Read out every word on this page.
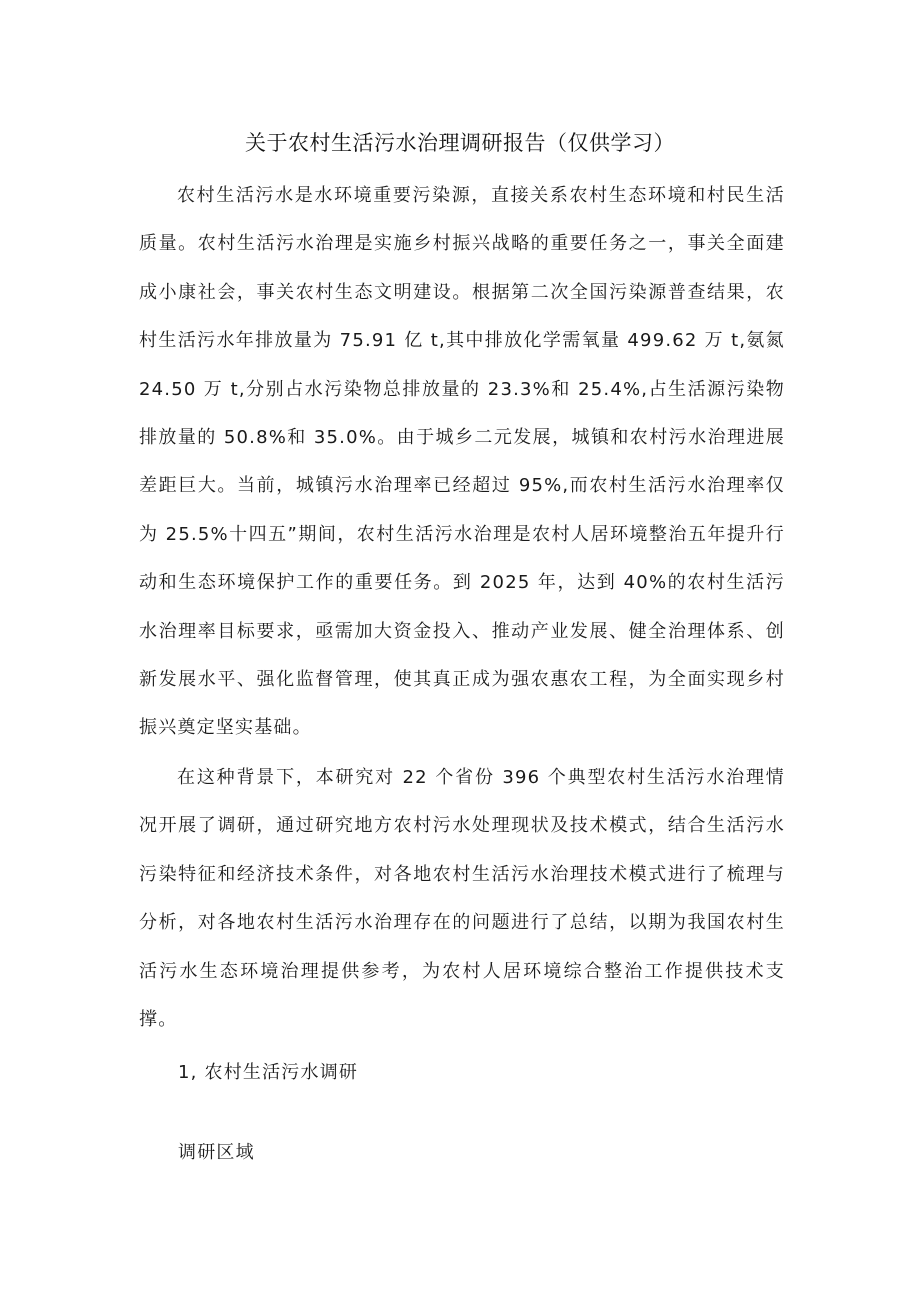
关于农村生活污水治理调研报告（仅供学习）

农村生活污水是水环境重要污染源，直接关系农村生态环境和村民生活质量。农村生活污水治理是实施乡村振兴战略的重要任务之一，事关全面建成小康社会，事关农村生态文明建设。根据第二次全国污染源普查结果，农村生活污水年排放量为 75.91 亿 t,其中排放化学需氧量 499.62 万 t,氨氮 24.50 万 t,分别占水污染物总排放量的 23.3%和 25.4%,占生活源污染物排放量的 50.8%和 35.0%。由于城乡二元发展，城镇和农村污水治理进展差距巨大。当前，城镇污水治理率已经超过 95%,而农村生活污水治理率仅为 25.5%十四五”期间，农村生活污水治理是农村人居环境整治五年提升行动和生态环境保护工作的重要任务。到 2025 年，达到 40%的农村生活污水治理率目标要求，亟需加大资金投入、推动产业发展、健全治理体系、创新发展水平、强化监督管理，使其真正成为强农惠农工程，为全面实现乡村振兴奠定坚实基础。

在这种背景下，本研究对 22 个省份 396 个典型农村生活污水治理情况开展了调研，通过研究地方农村污水处理现状及技术模式，结合生活污水污染特征和经济技术条件，对各地农村生活污水治理技术模式进行了梳理与分析，对各地农村生活污水治理存在的问题进行了总结，以期为我国农村生活污水生态环境治理提供参考，为农村人居环境综合整治工作提供技术支撑。

1, 农村生活污水调研

调研区域
